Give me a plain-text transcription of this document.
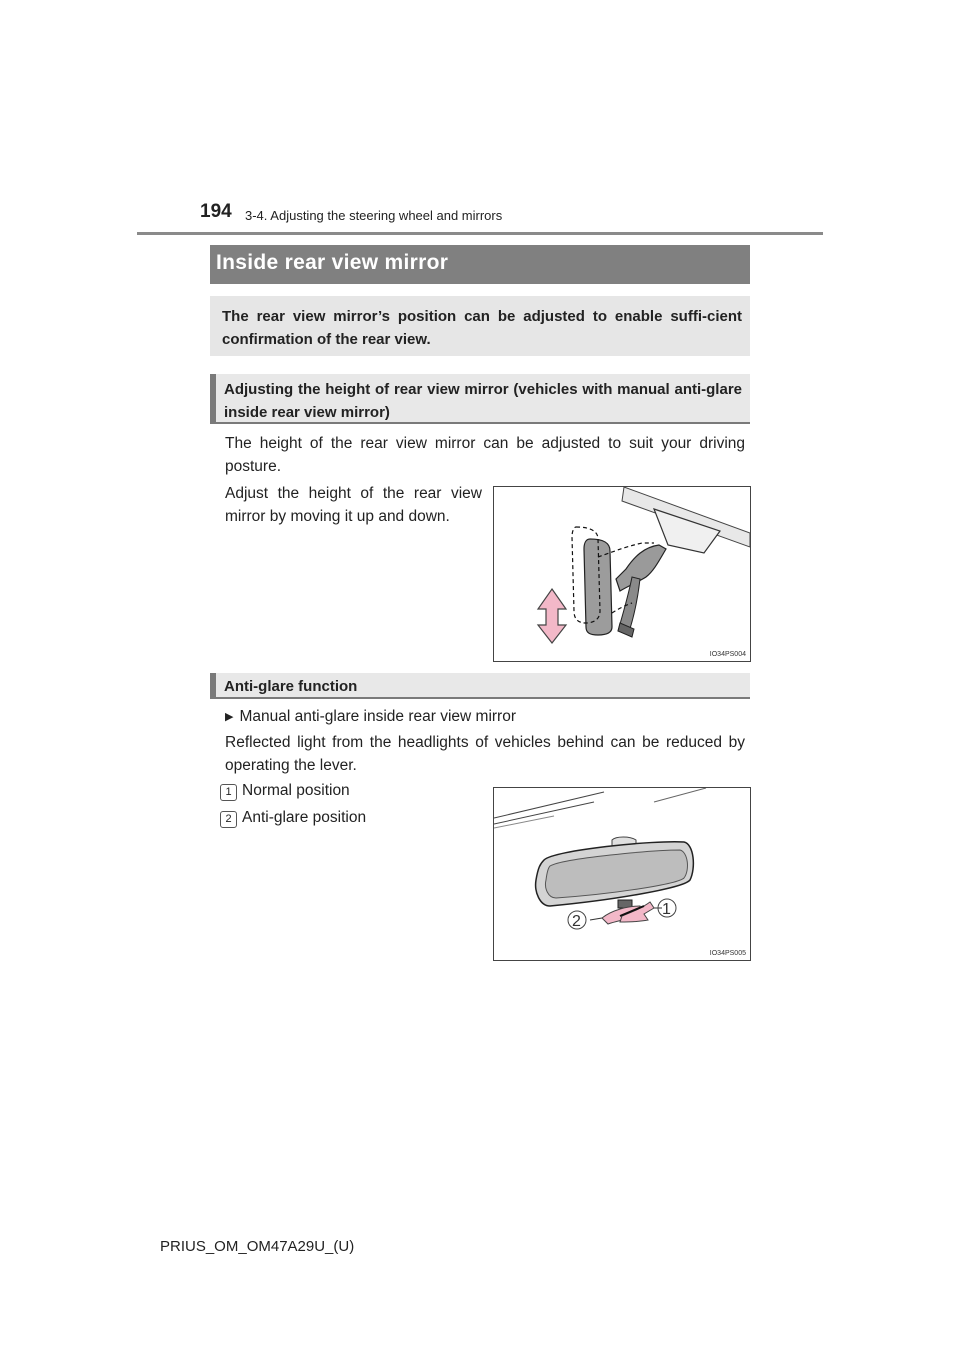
194 3-4. Adjusting the steering wheel and mirrors
Inside rear view mirror

The rear view mirror’s position can be adjusted to enable suffi-cient confirmation of the rear view.

Adjusting the height of rear view mirror (vehicles with manual anti-glare inside rear view mirror)

The height of the rear view mirror can be adjusted to suit your driving posture.

Adjust the height of the rear view mirror by moving it up and down.

IO34PS004

Anti-glare function

▶ Manual anti-glare inside rear view mirror

Reflected light from the headlights of vehicles behind can be reduced by operating the lever.

1 Normal position
2 Anti-glare position
2
1
IO34PS005
PRIUS_OM_OM47A29U_(U)
